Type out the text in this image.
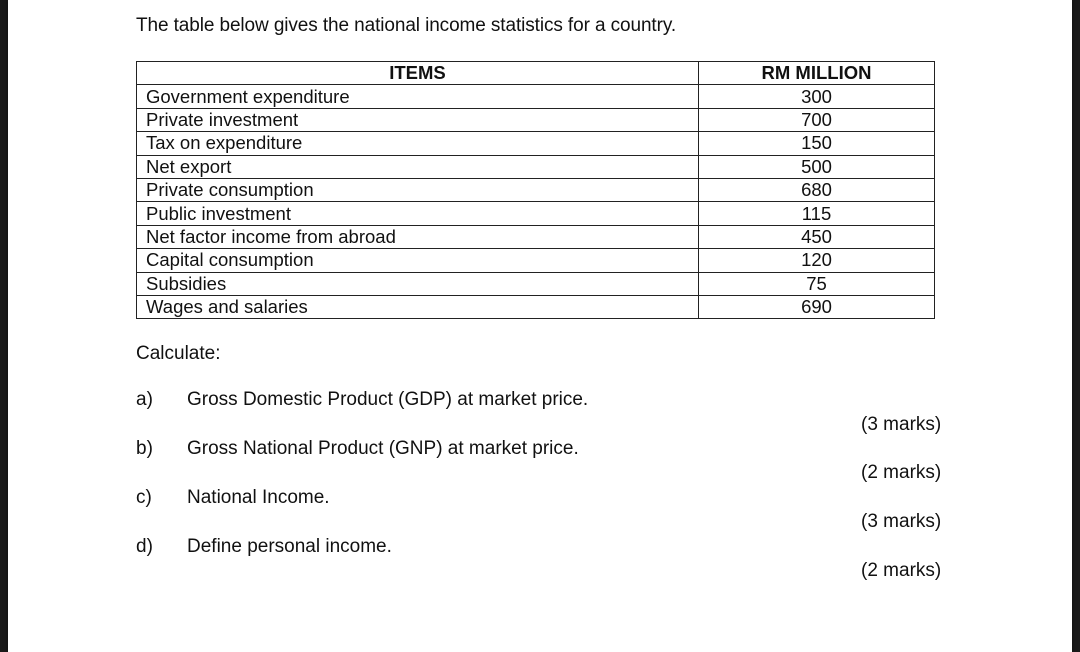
The table below gives the national income statistics for a country.
ITEMS	RM MILLION
Government expenditure	300
Private investment	700
Tax on expenditure	150
Net export	500
Private consumption	680
Public investment	115
Net factor income from abroad	450
Capital consumption	120
Subsidies	75
Wages and salaries	690
Calculate:
a) Gross Domestic Product (GDP) at market price.
(3 marks)
b) Gross National Product (GNP) at market price.
(2 marks)
c) National Income.
(3 marks)
d) Define personal income.
(2 marks)
